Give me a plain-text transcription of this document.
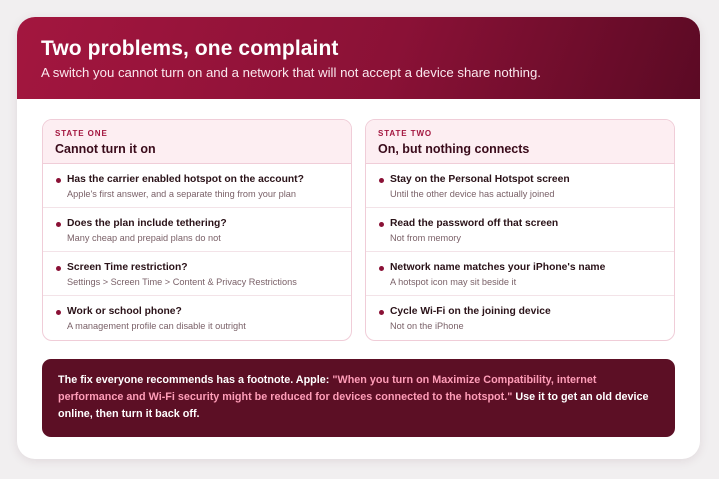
Two problems, one complaint

A switch you cannot turn on and a network that will not accept a device share nothing.

STATE ONE
Cannot turn it on
Has the carrier enabled hotspot on the account?
Apple's first answer, and a separate thing from your plan
Does the plan include tethering?
Many cheap and prepaid plans do not
Screen Time restriction?
Settings > Screen Time > Content & Privacy Restrictions
Work or school phone?
A management profile can disable it outright
STATE TWO
On, but nothing connects
Stay on the Personal Hotspot screen
Until the other device has actually joined
Read the password off that screen
Not from memory
Network name matches your iPhone's name
A hotspot icon may sit beside it
Cycle Wi-Fi on the joining device
Not on the iPhone
The fix everyone recommends has a footnote. Apple: "When you turn on Maximize Compatibility, internet performance and Wi-Fi security might be reduced for devices connected to the hotspot." Use it to get an old device online, then turn it back off.
